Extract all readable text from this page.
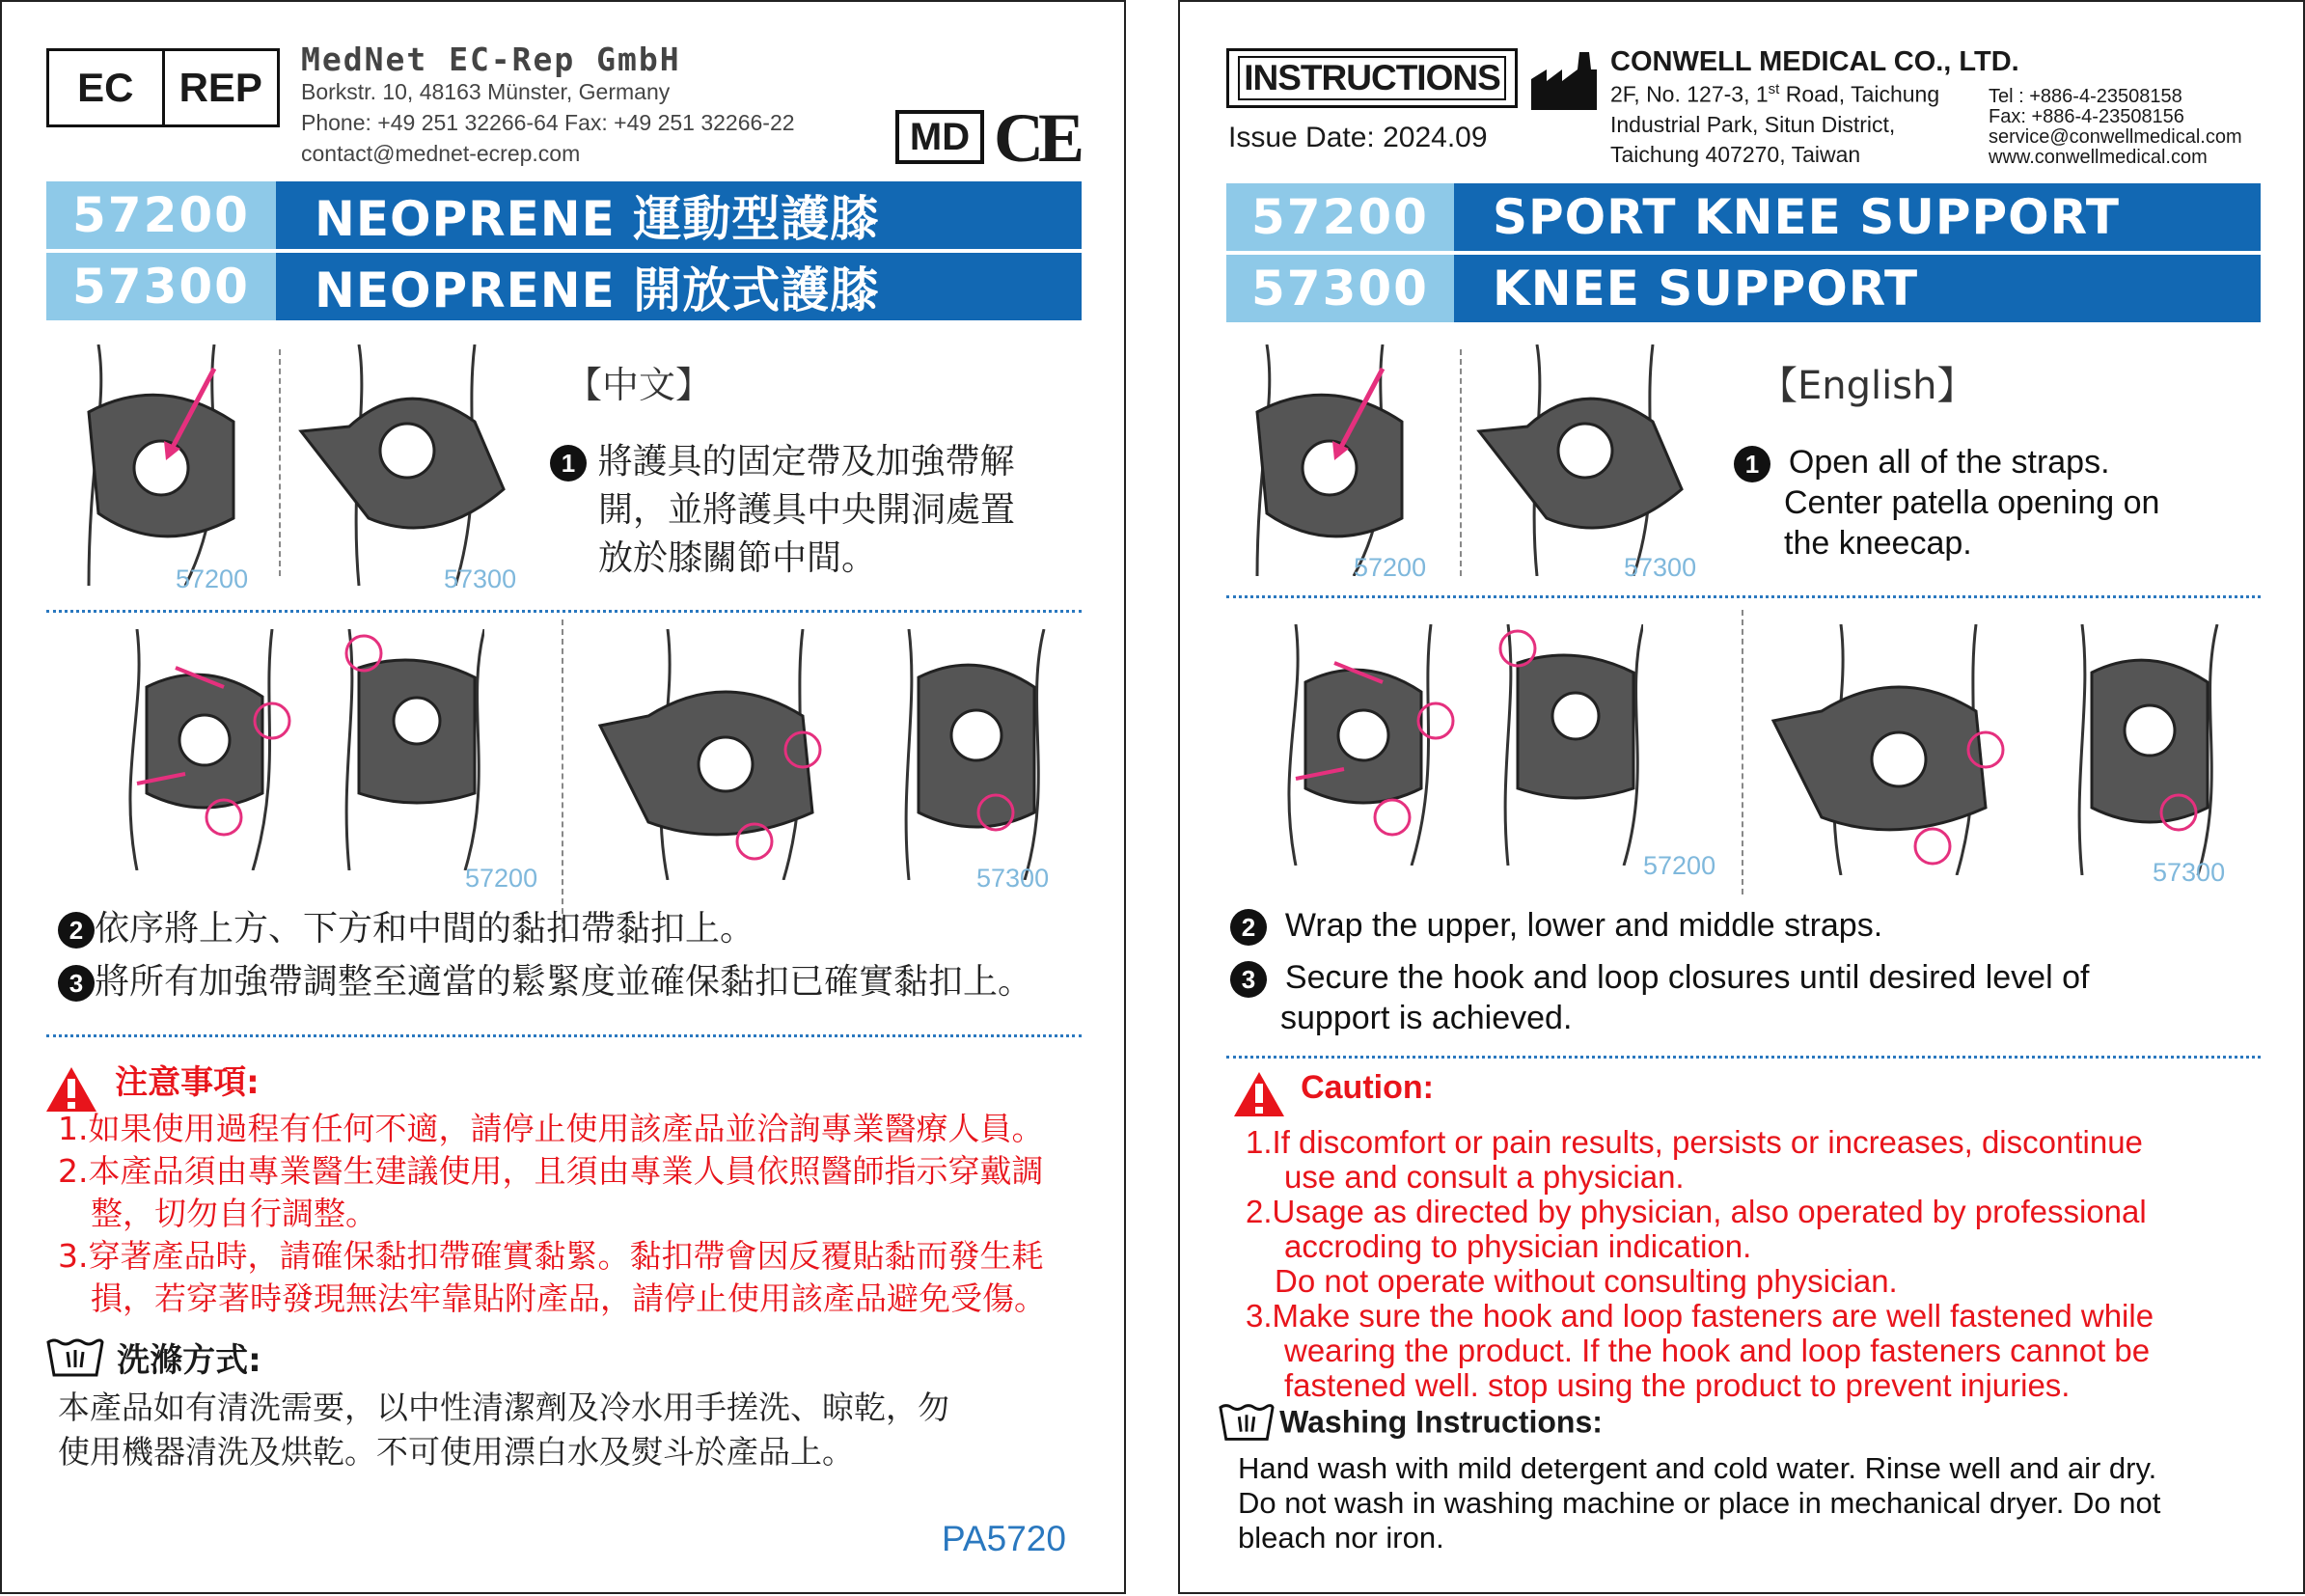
EC	REP
MedNet EC-Rep GmbH
Borkstr. 10, 48163 Münster, Germany
Phone: +49 251 32266-64 Fax: +49 251 32266-22
contact@mednet-ecrep.com	MD CE
57200	NEOPRENE 運動型護膝
57300	NEOPRENE 開放式護膝
57200	57300
【中文】
1 將護具的固定帶及加強帶解
開，並將護具中央開洞處置
放於膝關節中間。
57200	57300
2 依序將上方、下方和中間的黏扣帶黏扣上。
3 將所有加強帶調整至適當的鬆緊度並確保黏扣已確實黏扣上。
注意事項:
1.如果使用過程有任何不適，請停止使用該產品並洽詢專業醫療人員。
2.本產品須由專業醫生建議使用，且須由專業人員依照醫師指示穿戴調
整，切勿自行調整。
3.穿著產品時，請確保黏扣帶確實黏緊。黏扣帶會因反覆貼黏而發生耗
損，若穿著時發現無法牢靠貼附產品，請停止使用該產品避免受傷。
洗滌方式:
本產品如有清洗需要，以中性清潔劑及冷水用手搓洗、晾乾，勿
使用機器清洗及烘乾。不可使用漂白水及熨斗於產品上。
PA5720
INSTRUCTIONS
Issue Date: 2024.09
CONWELL MEDICAL CO., LTD.
2F, No. 127-3, 1st Road, Taichung
Industrial Park, Situn District,
Taichung 407270, Taiwan
Tel : +886-4-23508158
Fax: +886-4-23508156
service@conwellmedical.com
www.conwellmedical.com
57200	SPORT KNEE SUPPORT
57300	KNEE SUPPORT
57200	57300
【English】
1 Open all of the straps.
Center patella opening on
the kneecap.
57200	57300
2 Wrap the upper, lower and middle straps.
3 Secure the hook and loop closures until desired level of
support is achieved.
Caution:
1.If discomfort or pain results, persists or increases, discontinue
use and consult a physician.
2.Usage as directed by physician, also operated by professional
accroding to physician indication.
Do not operate without consulting physician.
3.Make sure the hook and loop fasteners are well fastened while
wearing the product. If the hook and loop fasteners cannot be
fastened well. stop using the product to prevent injuries.
Washing Instructions:
Hand wash with mild detergent and cold water. Rinse well and air dry.
Do not wash in washing machine or place in mechanical dryer. Do not
bleach nor iron.
